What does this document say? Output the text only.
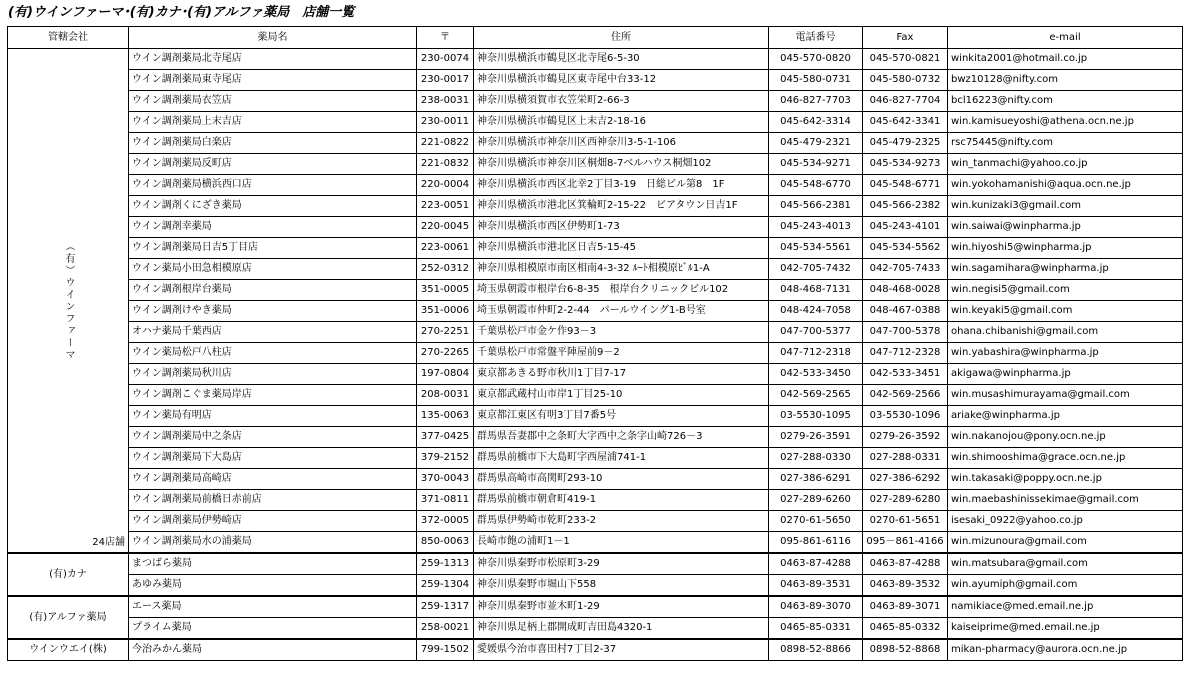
(有)ウインファーマ･(有)カナ･(有)アルファ薬局　店舗一覧
管轄会社	薬局名	〒	住所	電話番号	Fax	e-mail

（有）ウインファーマ
24店舗	ウイン調剤薬局北寺尾店	230-0074	神奈川県横浜市鶴見区北寺尾6-5-30	045-570-0820	045-570-0821	winkita2001@hotmail.co.jp
	ウイン調剤薬局東寺尾店	230-0017	神奈川県横浜市鶴見区東寺尾中台33-12	045-580-0731	045-580-0732	bwz10128@nifty.com
	ウイン調剤薬局衣笠店	238-0031	神奈川県横須賀市衣笠栄町2-66-3	046-827-7703	046-827-7704	bcl16223@nifty.com
	ウイン調剤薬局上末吉店	230-0011	神奈川県横浜市鶴見区上末吉2-18-16	045-642-3314	045-642-3341	win.kamisueyoshi@athena.ocn.ne.jp
	ウイン調剤薬局白楽店	221-0822	神奈川県横浜市神奈川区西神奈川3-5-1-106	045-479-2321	045-479-2325	rsc75445@nifty.com
	ウイン調剤薬局反町店	221-0832	神奈川県横浜市神奈川区桐畑8-7ベルハウス桐畑102	045-534-9271	045-534-9273	win_tanmachi@yahoo.co.jp
	ウイン調剤薬局横浜西口店	220-0004	神奈川県横浜市西区北幸2丁目3-19　日総ビル第8　1F	045-548-6770	045-548-6771	win.yokohamanishi@aqua.ocn.ne.jp
	ウイン調剤くにざき薬局	223-0051	神奈川県横浜市港北区箕輪町2-15-22　ビアタウン日吉1F	045-566-2381	045-566-2382	win.kunizaki3@gmail.com
	ウイン調剤幸薬局	220-0045	神奈川県横浜市西区伊勢町1-73	045-243-4013	045-243-4101	win.saiwai@winpharma.jp
	ウイン調剤薬局日吉5丁目店	223-0061	神奈川県横浜市港北区日吉5-15-45	045-534-5561	045-534-5562	win.hiyoshi5@winpharma.jp
	ウイン薬局小田急相模原店	252-0312	神奈川県相模原市南区相南4-3-32 ﾙｰﾄ相模原ﾋﾞﾙ1-A	042-705-7432	042-705-7433	win.sagamihara@winpharma.jp
	ウイン調剤根岸台薬局	351-0005	埼玉県朝霞市根岸台6-8-35　根岸台クリニックビル102	048-468-7131	048-468-0028	win.negisi5@gmail.com
	ウイン調剤けやき薬局	351-0006	埼玉県朝霞市仲町2-2-44　パールウイング1-B号室	048-424-7058	048-467-0388	win.keyaki5@gmail.com
	オハナ薬局千葉西店	270-2251	千葉県松戸市金ケ作93－3	047-700-5377	047-700-5378	ohana.chibanishi@gmail.com
	ウイン薬局松戸八柱店	270-2265	千葉県松戸市常盤平陣屋前9－2	047-712-2318	047-712-2328	win.yabashira@winpharma.jp
	ウイン調剤薬局秋川店	197-0804	東京都あきる野市秋川1丁目7-17	042-533-3450	042-533-3451	akigawa@winpharma.jp
	ウイン調剤こぐま薬局岸店	208-0031	東京都武蔵村山市岸1丁目25-10	042-569-2565	042-569-2566	win.musashimurayama@gmail.com
	ウイン薬局有明店	135-0063	東京都江東区有明3丁目7番5号	03-5530-1095	03-5530-1096	ariake@winpharma.jp
	ウイン調剤薬局中之条店	377-0425	群馬県吾妻郡中之条町大字西中之条字山崎726－3	0279-26-3591	0279-26-3592	win.nakanojou@pony.ocn.ne.jp
	ウイン調剤薬局下大島店	379-2152	群馬県前橋市下大島町字西屋浦741-1	027-288-0330	027-288-0331	win.shimooshima@grace.ocn.ne.jp
	ウイン調剤薬局高崎店	370-0043	群馬県高崎市高関町293-10	027-386-6291	027-386-6292	win.takasaki@poppy.ocn.ne.jp
	ウイン調剤薬局前橋日赤前店	371-0811	群馬県前橋市朝倉町419-1	027-289-6260	027-289-6280	win.maebashinissekimae@gmail.com
	ウイン調剤薬局伊勢崎店	372-0005	群馬県伊勢崎市乾町233-2	0270-61-5650	0270-61-5651	isesaki_0922@yahoo.co.jp
	ウイン調剤薬局水の浦薬局	850-0063	長崎市飽の浦町1－1	095-861-6116	095－861-4166	win.mizunoura@gmail.com
(有)カナ	まつばら薬局	259-1313	神奈川県秦野市松原町3-29	0463-87-4288	0463-87-4288	win.matsubara@gmail.com
	あゆみ薬局	259-1304	神奈川県秦野市堀山下558	0463-89-3531	0463-89-3532	win.ayumiph@gmail.com
(有)アルファ薬局	エース薬局	259-1317	神奈川県秦野市並木町1-29	0463-89-3070	0463-89-3071	namikiace@med.email.ne.jp
	プライム薬局	258-0021	神奈川県足柄上郡開成町吉田島4320-1	0465-85-0331	0465-85-0332	kaiseiprime@med.email.ne.jp
ウインウエイ(株)	今治みかん薬局	799-1502	愛媛県今治市喜田村7丁目2-37	0898-52-8866	0898-52-8868	mikan-pharmacy@aurora.ocn.ne.jp
